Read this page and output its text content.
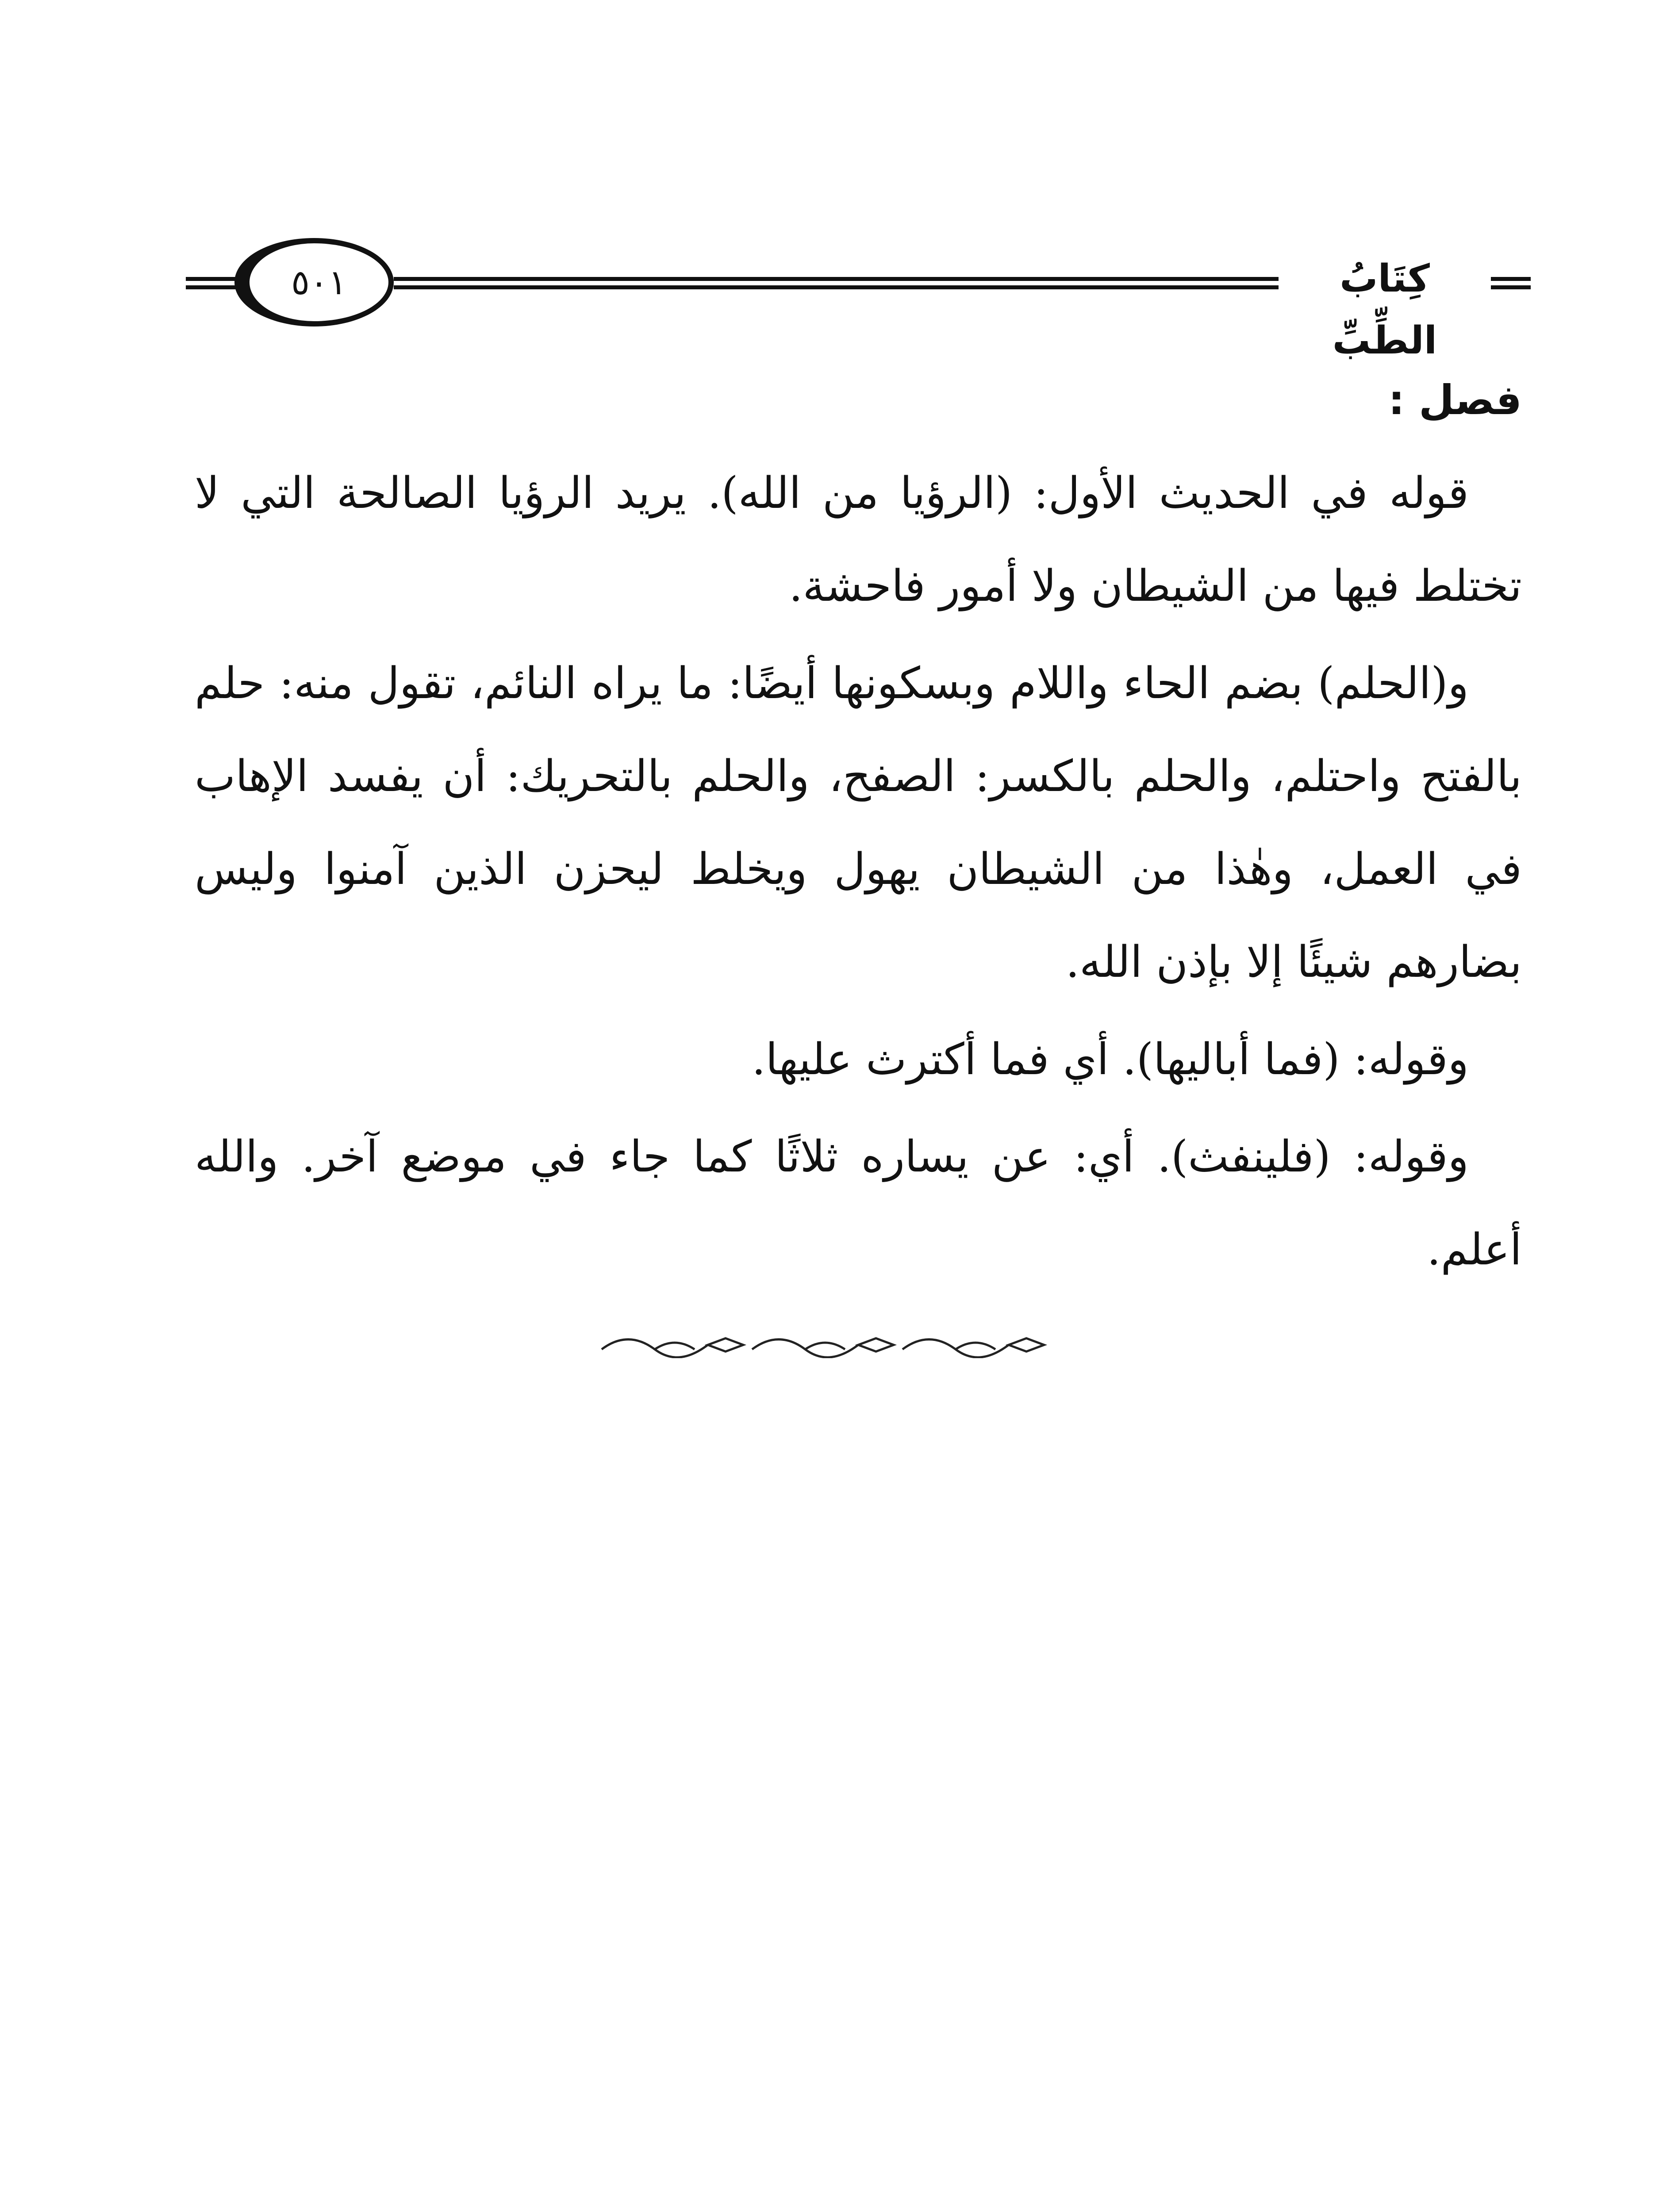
كِتَابُ الطِّبِّ
٥٠١
فصل :

قوله في الحديث الأول: (الرؤيا من الله). يريد الرؤيا الصالحة التي لا تختلط فيها من الشيطان ولا أمور فاحشة.

و(الحلم) بضم الحاء واللام وبسكونها أيضًا: ما يراه النائم، تقول منه: حلم بالفتح واحتلم، والحلم بالكسر: الصفح، والحلم بالتحريك: أن يفسد الإهاب في العمل، وهٰذا من الشيطان يهول ويخلط ليحزن الذين آمنوا وليس بضارهم شيئًا إلا بإذن الله.

وقوله: (فما أباليها). أي فما أكترث عليها.

وقوله: (فلينفث). أي: عن يساره ثلاثًا كما جاء في موضع آخر. والله أعلم.
